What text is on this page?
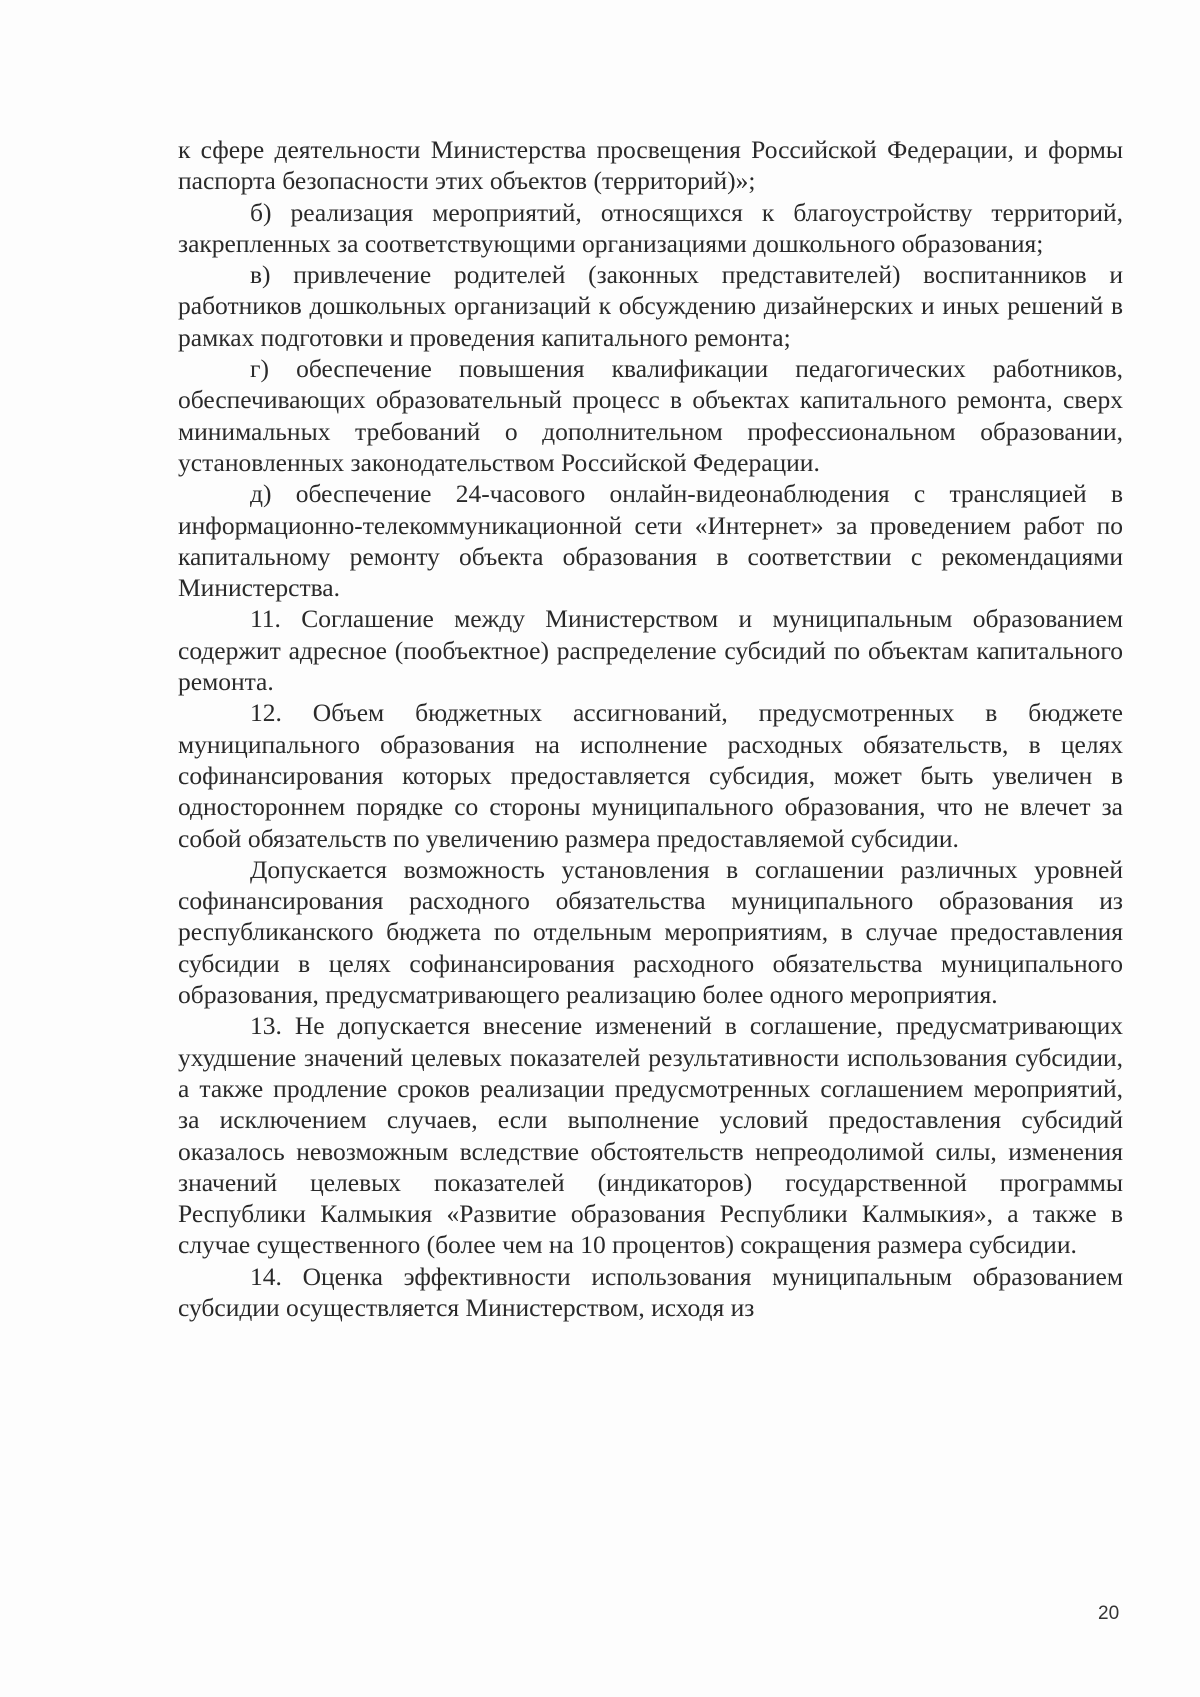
к сфере деятельности Министерства просвещения Российской Федерации, и формы паспорта безопасности этих объектов (территорий)»;

б) реализация мероприятий, относящихся к благоустройству территорий, закрепленных за соответствующими организациями дошкольного образования;

в) привлечение родителей (законных представителей) воспитанников и работников дошкольных организаций к обсуждению дизайнерских и иных решений в рамках подготовки и проведения капитального ремонта;

г) обеспечение повышения квалификации педагогических работников, обеспечивающих образовательный процесс в объектах капитального ремонта, сверх минимальных требований о дополнительном профессиональном образовании, установленных законодательством Российской Федерации.

д) обеспечение 24-часового онлайн-видеонаблюдения с трансляцией в информационно-телекоммуникационной сети «Интернет» за проведением работ по капитальному ремонту объекта образования в соответствии с рекомендациями Министерства.

11. Соглашение между Министерством и муниципальным образованием содержит адресное (пообъектное) распределение субсидий по объектам капитального ремонта.

12. Объем бюджетных ассигнований, предусмотренных в бюджете муниципального образования на исполнение расходных обязательств, в целях софинансирования которых предоставляется субсидия, может быть увеличен в одностороннем порядке со стороны муниципального образования, что не влечет за собой обязательств по увеличению размера предоставляемой субсидии.

Допускается возможность установления в соглашении различных уровней софинансирования расходного обязательства муниципального образования из республиканского бюджета по отдельным мероприятиям, в случае предоставления субсидии в целях софинансирования расходного обязательства муниципального образования, предусматривающего реализацию более одного мероприятия.

13. Не допускается внесение изменений в соглашение, предусматривающих ухудшение значений целевых показателей результативности использования субсидии, а также продление сроков реализации предусмотренных соглашением мероприятий, за исключением случаев, если выполнение условий предоставления субсидий оказалось невозможным вследствие обстоятельств непреодолимой силы, изменения значений целевых показателей (индикаторов) государственной программы Республики Калмыкия «Развитие образования Республики Калмыкия», а также в случае существенного (более чем на 10 процентов) сокращения размера субсидии.

14. Оценка эффективности использования муниципальным образованием субсидии осуществляется Министерством, исходя из

20
